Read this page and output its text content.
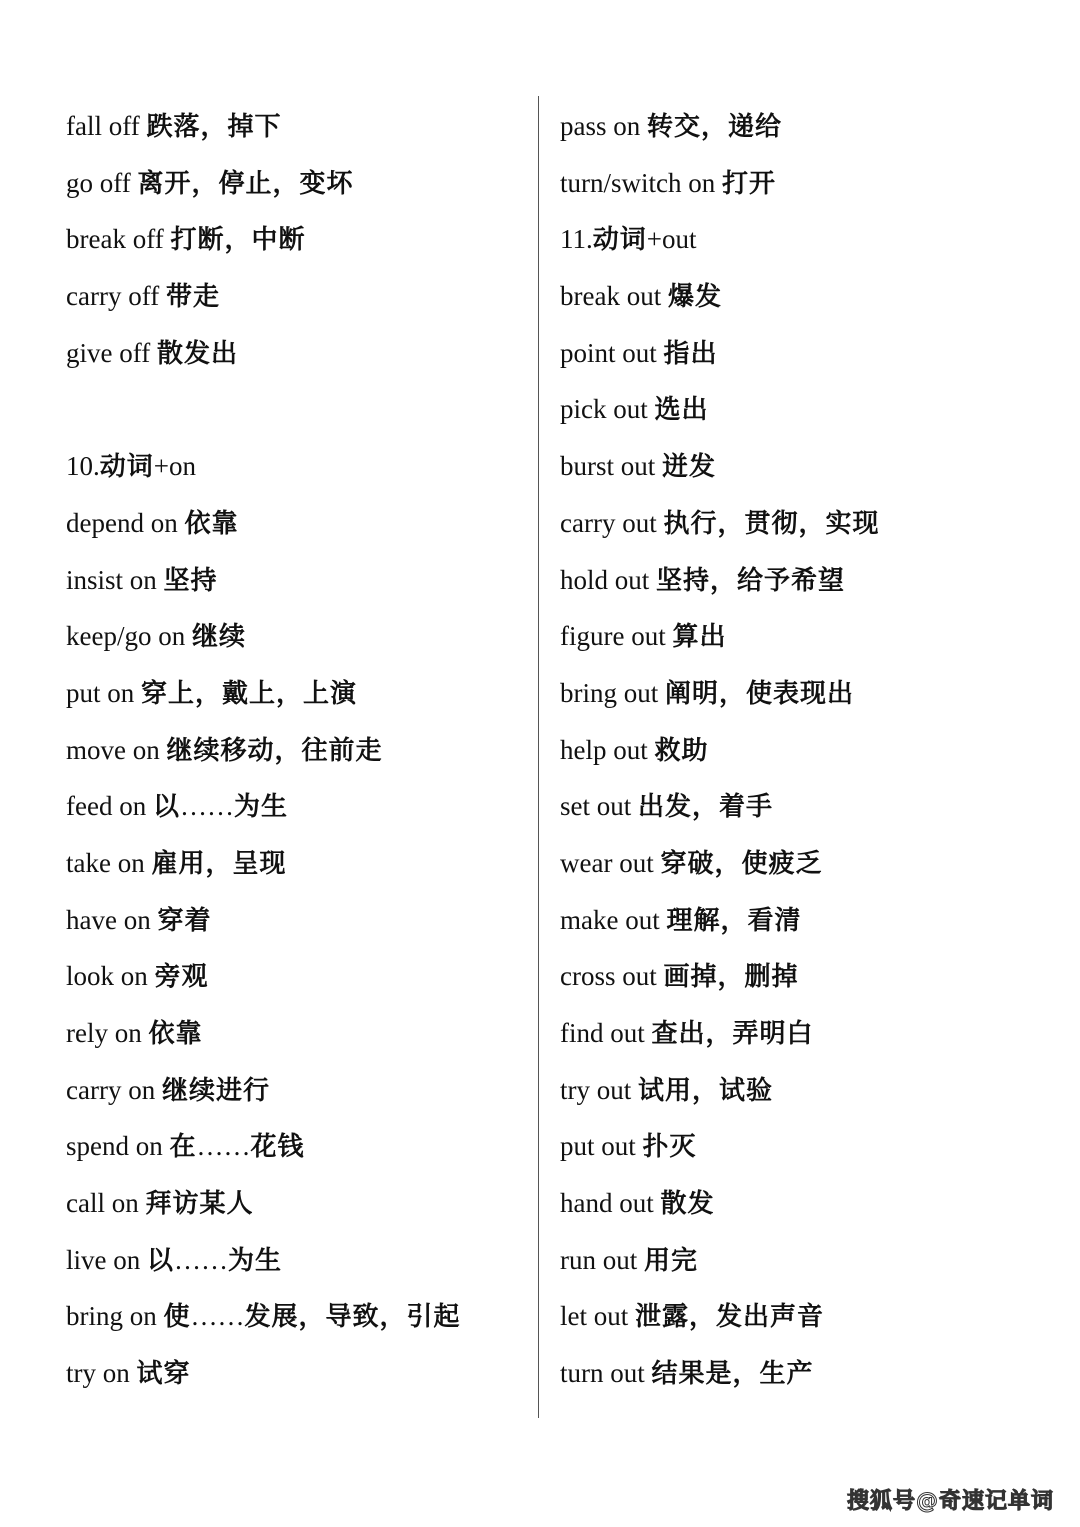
fall off 跌落，掉下
go off 离开，停止，变坏
break off 打断，中断
carry off 带走
give off 散发出
10.动词+on
depend on 依靠
insist on 坚持
keep/go on 继续
put on 穿上，戴上，上演
move on 继续移动，往前走
feed on 以……为生
take on 雇用，呈现
have on 穿着
look on 旁观
rely on 依靠
carry on 继续进行
spend on 在……花钱
call on 拜访某人
live on 以……为生
bring on 使……发展，导致，引起
try on 试穿
pass on 转交，递给
turn/switch on 打开
11.动词+out
break out 爆发
point out 指出
pick out 选出
burst out 迸发
carry out 执行，贯彻，实现
hold out 坚持，给予希望
figure out 算出
bring out 阐明，使表现出
help out 救助
set out 出发，着手
wear out 穿破，使疲乏
make out 理解，看清
cross out 画掉，删掉
find out 查出，弄明白
try out 试用，试验
put out 扑灭
hand out 散发
run out 用完
let out 泄露，发出声音
turn out 结果是，生产
搜狐号@奇速记单词
